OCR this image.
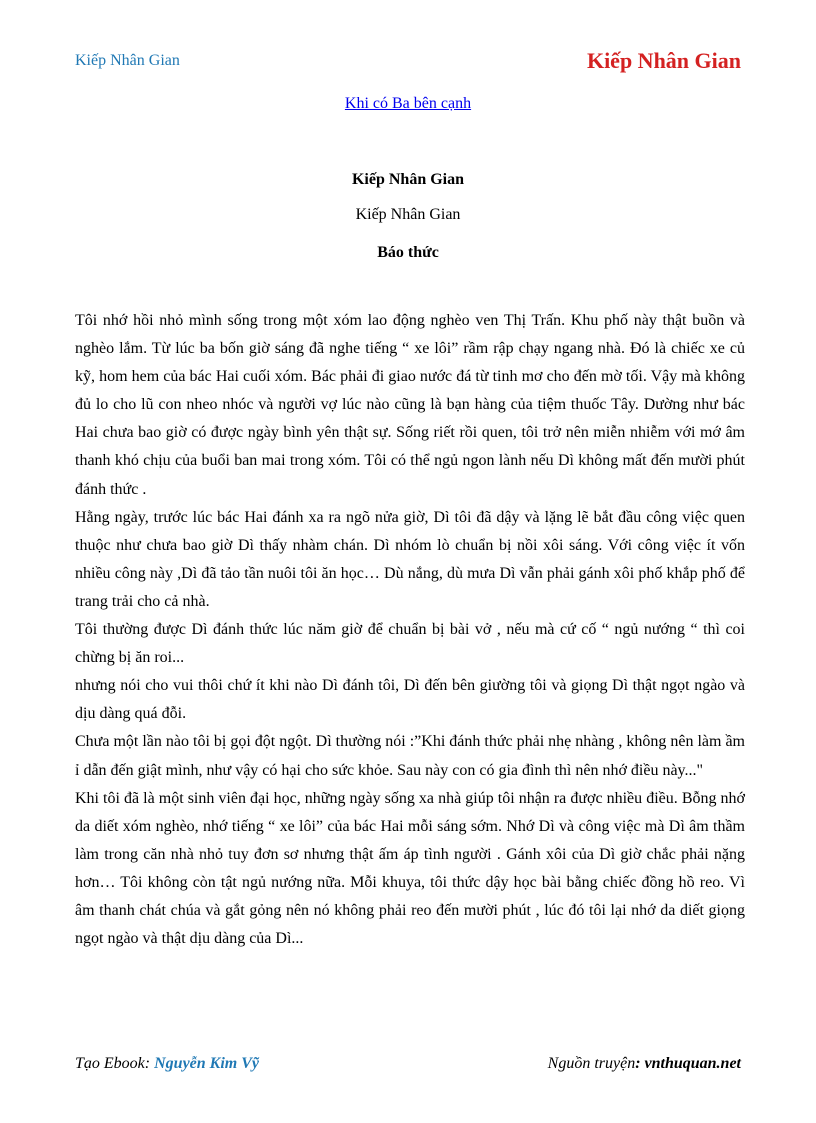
Kiếp Nhân Gian	Kiếp Nhân Gian
Khi có Ba bên cạnh
Kiếp Nhân Gian
Kiếp Nhân Gian
Báo thức

Tôi nhớ hồi nhỏ mình sống trong một xóm lao động nghèo ven Thị Trấn. Khu phố này thật buồn và nghèo lắm. Từ lúc ba bốn giờ sáng đã nghe tiếng “ xe lôi” rầm rập chạy ngang nhà. Đó là chiếc xe củ kỹ, hom hem của bác Hai cuối xóm. Bác phải đi giao nước đá từ tinh mơ cho đến mờ tối. Vậy mà không đủ lo cho lũ con nheo nhóc và người vợ lúc nào cũng là bạn hàng của tiệm thuốc Tây. Dường như bác Hai chưa bao giờ có được ngày bình yên thật sự. Sống riết rồi quen, tôi trở nên miễn nhiễm với mớ âm thanh khó chịu của buổi ban mai trong xóm. Tôi có thể ngủ ngon lành nếu Dì không mất đến mười phút đánh thức .

Hằng ngày, trước lúc bác Hai đánh xa ra ngõ nửa giờ, Dì tôi đã dậy và lặng lẽ bắt đầu công việc quen thuộc như chưa bao giờ Dì thấy nhàm chán. Dì nhóm lò chuẩn bị nồi xôi sáng. Với công việc ít vốn nhiều công này ,Dì đã tảo tần nuôi tôi ăn học… Dù nắng, dù mưa Dì vẫn phải gánh xôi phố khắp phố để trang trải cho cả nhà.

Tôi thường được Dì đánh thức lúc năm giờ để chuẩn bị bài vở , nếu mà cứ cố “ ngủ nướng “ thì coi chừng bị ăn roi...

nhưng nói cho vui thôi chứ ít khi nào Dì đánh tôi, Dì đến bên giường tôi và giọng Dì thật ngọt ngào và dịu dàng quá đỗi.

Chưa một lần nào tôi bị gọi đột ngột. Dì thường nói :”Khi đánh thức phải nhẹ nhàng , không nên làm ầm ỉ dẫn đến giật mình, như vậy có hại cho sức khỏe. Sau này con có gia đình thì nên nhớ điều này..."

Khi tôi đã là một sinh viên đại học, những ngày sống xa nhà giúp tôi nhận ra được nhiều điều. Bỗng nhớ da diết xóm nghèo, nhớ tiếng “ xe lôi” của bác Hai mỗi sáng sớm. Nhớ Dì và công việc mà Dì âm thầm làm trong căn nhà nhỏ tuy đơn sơ nhưng thật ấm áp tình người . Gánh xôi của Dì giờ chắc phải nặng hơn… Tôi không còn tật ngủ nướng nữa. Mỗi khuya, tôi thức dậy học bài bằng chiếc đồng hồ reo. Vì âm thanh chát chúa và gắt gỏng nên nó không phải reo đến mười phút , lúc đó tôi lại nhớ da diết giọng ngọt ngào và thật dịu dàng của Dì...

Tạo Ebook: Nguyễn Kim Vỹ	Nguồn truyện: vnthuquan.net
